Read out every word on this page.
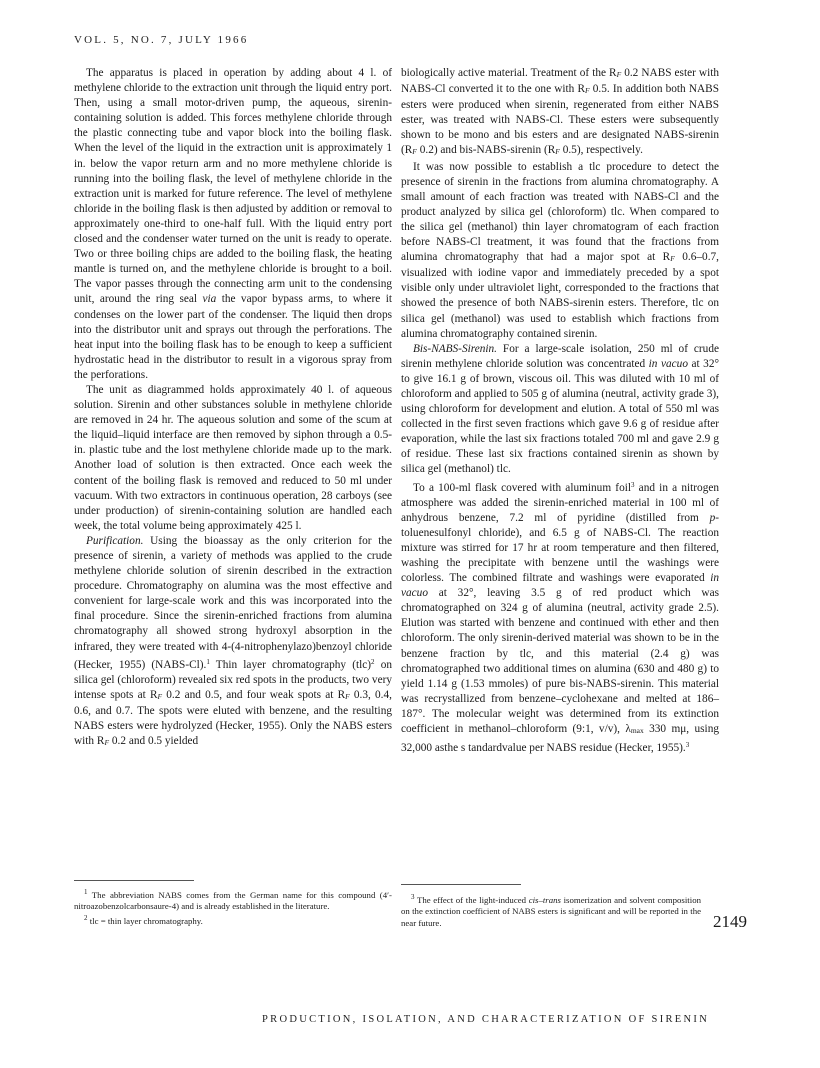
VOL. 5, NO. 7, JULY 1966

The apparatus is placed in operation by adding about 4 l. of methylene chloride to the extraction unit through the liquid entry port. Then, using a small motor-driven pump, the aqueous, sirenin-containing solution is added. This forces methylene chloride through the plastic connecting tube and vapor block into the boiling flask. When the level of the liquid in the extraction unit is approximately 1 in. below the vapor return arm and no more methylene chloride is running into the boiling flask, the level of methylene chloride in the extraction unit is marked for future reference. The level of methylene chloride in the boiling flask is then adjusted by addition or removal to approximately one-third to one-half full. With the liquid entry port closed and the condenser water turned on the unit is ready to operate. Two or three boiling chips are added to the boiling flask, the heating mantle is turned on, and the methylene chloride is brought to a boil. The vapor passes through the connecting arm unit to the condensing unit, around the ring seal via the vapor bypass arms, to where it condenses on the lower part of the condenser. The liquid then drops into the distributor unit and sprays out through the perforations. The heat input into the boiling flask has to be enough to keep a sufficient hydrostatic head in the distributor to result in a vigorous spray from the perforations.

The unit as diagrammed holds approximately 40 l. of aqueous solution. Sirenin and other substances soluble in methylene chloride are removed in 24 hr. The aqueous solution and some of the scum at the liquid–liquid interface are then removed by siphon through a 0.5-in. plastic tube and the lost methylene chloride made up to the mark. Another load of solution is then extracted. Once each week the content of the boiling flask is removed and reduced to 50 ml under vacuum. With two extractors in continuous operation, 28 carboys (see under production) of sirenin-containing solution are handled each week, the total volume being approximately 425 l.

Purification. Using the bioassay as the only criterion for the presence of sirenin, a variety of methods was applied to the crude methylene chloride solution of sirenin described in the extraction procedure. Chromatography on alumina was the most effective and convenient for large-scale work and this was incorporated into the final procedure. Since the sirenin-enriched fractions from alumina chromatography all showed strong hydroxyl absorption in the infrared, they were treated with 4-(4-nitrophenylazo)benzoyl chloride (Hecker, 1955) (NABS-Cl).$^1$ Thin layer chromatography (tlc)$^2$ on silica gel (chloroform) revealed six red spots in the products, two very intense spots at RF 0.2 and 0.5, and four weak spots at RF 0.3, 0.4, 0.6, and 0.7. The spots were eluted with benzene, and the resulting NABS esters were hydrolyzed (Hecker, 1955). Only the NABS esters with RF 0.2 and 0.5 yielded

biologically active material. Treatment of the RF 0.2 NABS ester with NABS-Cl converted it to the one with RF 0.5. In addition both NABS esters were produced when sirenin, regenerated from either NABS ester, was treated with NABS-Cl. These esters were subsequently shown to be mono and bis esters and are designated NABS-sirenin (RF 0.2) and bis-NABS-sirenin (RF 0.5), respectively.

It was now possible to establish a tlc procedure to detect the presence of sirenin in the fractions from alumina chromatography. A small amount of each fraction was treated with NABS-Cl and the product analyzed by silica gel (chloroform) tlc. When compared to the silica gel (methanol) thin layer chromatogram of each fraction before NABS-Cl treatment, it was found that the fractions from alumina chromatography that had a major spot at RF 0.6–0.7, visualized with iodine vapor and immediately preceded by a spot visible only under ultraviolet light, corresponded to the fractions that showed the presence of both NABS-sirenin esters. Therefore, tlc on silica gel (methanol) was used to establish which fractions from alumina chromatography contained sirenin.

Bis-NABS-Sirenin. For a large-scale isolation, 250 ml of crude sirenin methylene chloride solution was concentrated in vacuo at 32° to give 16.1 g of brown, viscous oil. This was diluted with 10 ml of chloroform and applied to 505 g of alumina (neutral, activity grade 3), using chloroform for development and elution. A total of 550 ml was collected in the first seven fractions which gave 9.6 g of residue after evaporation, while the last six fractions totaled 700 ml and gave 2.9 g of residue. These last six fractions contained sirenin as shown by silica gel (methanol) tlc.

To a 100-ml flask covered with aluminum foil$^3$ and in a nitrogen atmosphere was added the sirenin-enriched material in 100 ml of anhydrous benzene, 7.2 ml of pyridine (distilled from p-toluenesulfonyl chloride), and 6.5 g of NABS-Cl. The reaction mixture was stirred for 17 hr at room temperature and then filtered, washing the precipitate with benzene until the washings were colorless. The combined filtrate and washings were evaporated in vacuo at 32°, leaving 3.5 g of red product which was chromatographed on 324 g of alumina (neutral, activity grade 2.5). Elution was started with benzene and continued with ether and then chloroform. The only sirenin-derived material was shown to be in the benzene fraction by tlc, and this material (2.4 g) was chromatographed two additional times on alumina (630 and 480 g) to yield 1.14 g (1.53 mmoles) of pure bis-NABS-sirenin. This material was recrystallized from benzene–cyclohexane and melted at 186–187°. The molecular weight was determined from its extinction coefficient in methanol–chloroform (9:1, v/v), λmax 330 mμ, using 32,000 asthe s tandardvalue per NABS residue (Hecker, 1955).$^3$

$^1$ The abbreviation NABS comes from the German name for this compound (4′-nitroazobenzolcarbonsaure-4) and is already established in the literature.

$^2$ tlc = thin layer chromatography.

$^3$ The effect of the light-induced cis–trans isomerization and solvent composition on the extinction coefficient of NABS esters is significant and will be reported in the near future.	2149
PRODUCTION, ISOLATION, AND CHARACTERIZATION OF SIRENIN
